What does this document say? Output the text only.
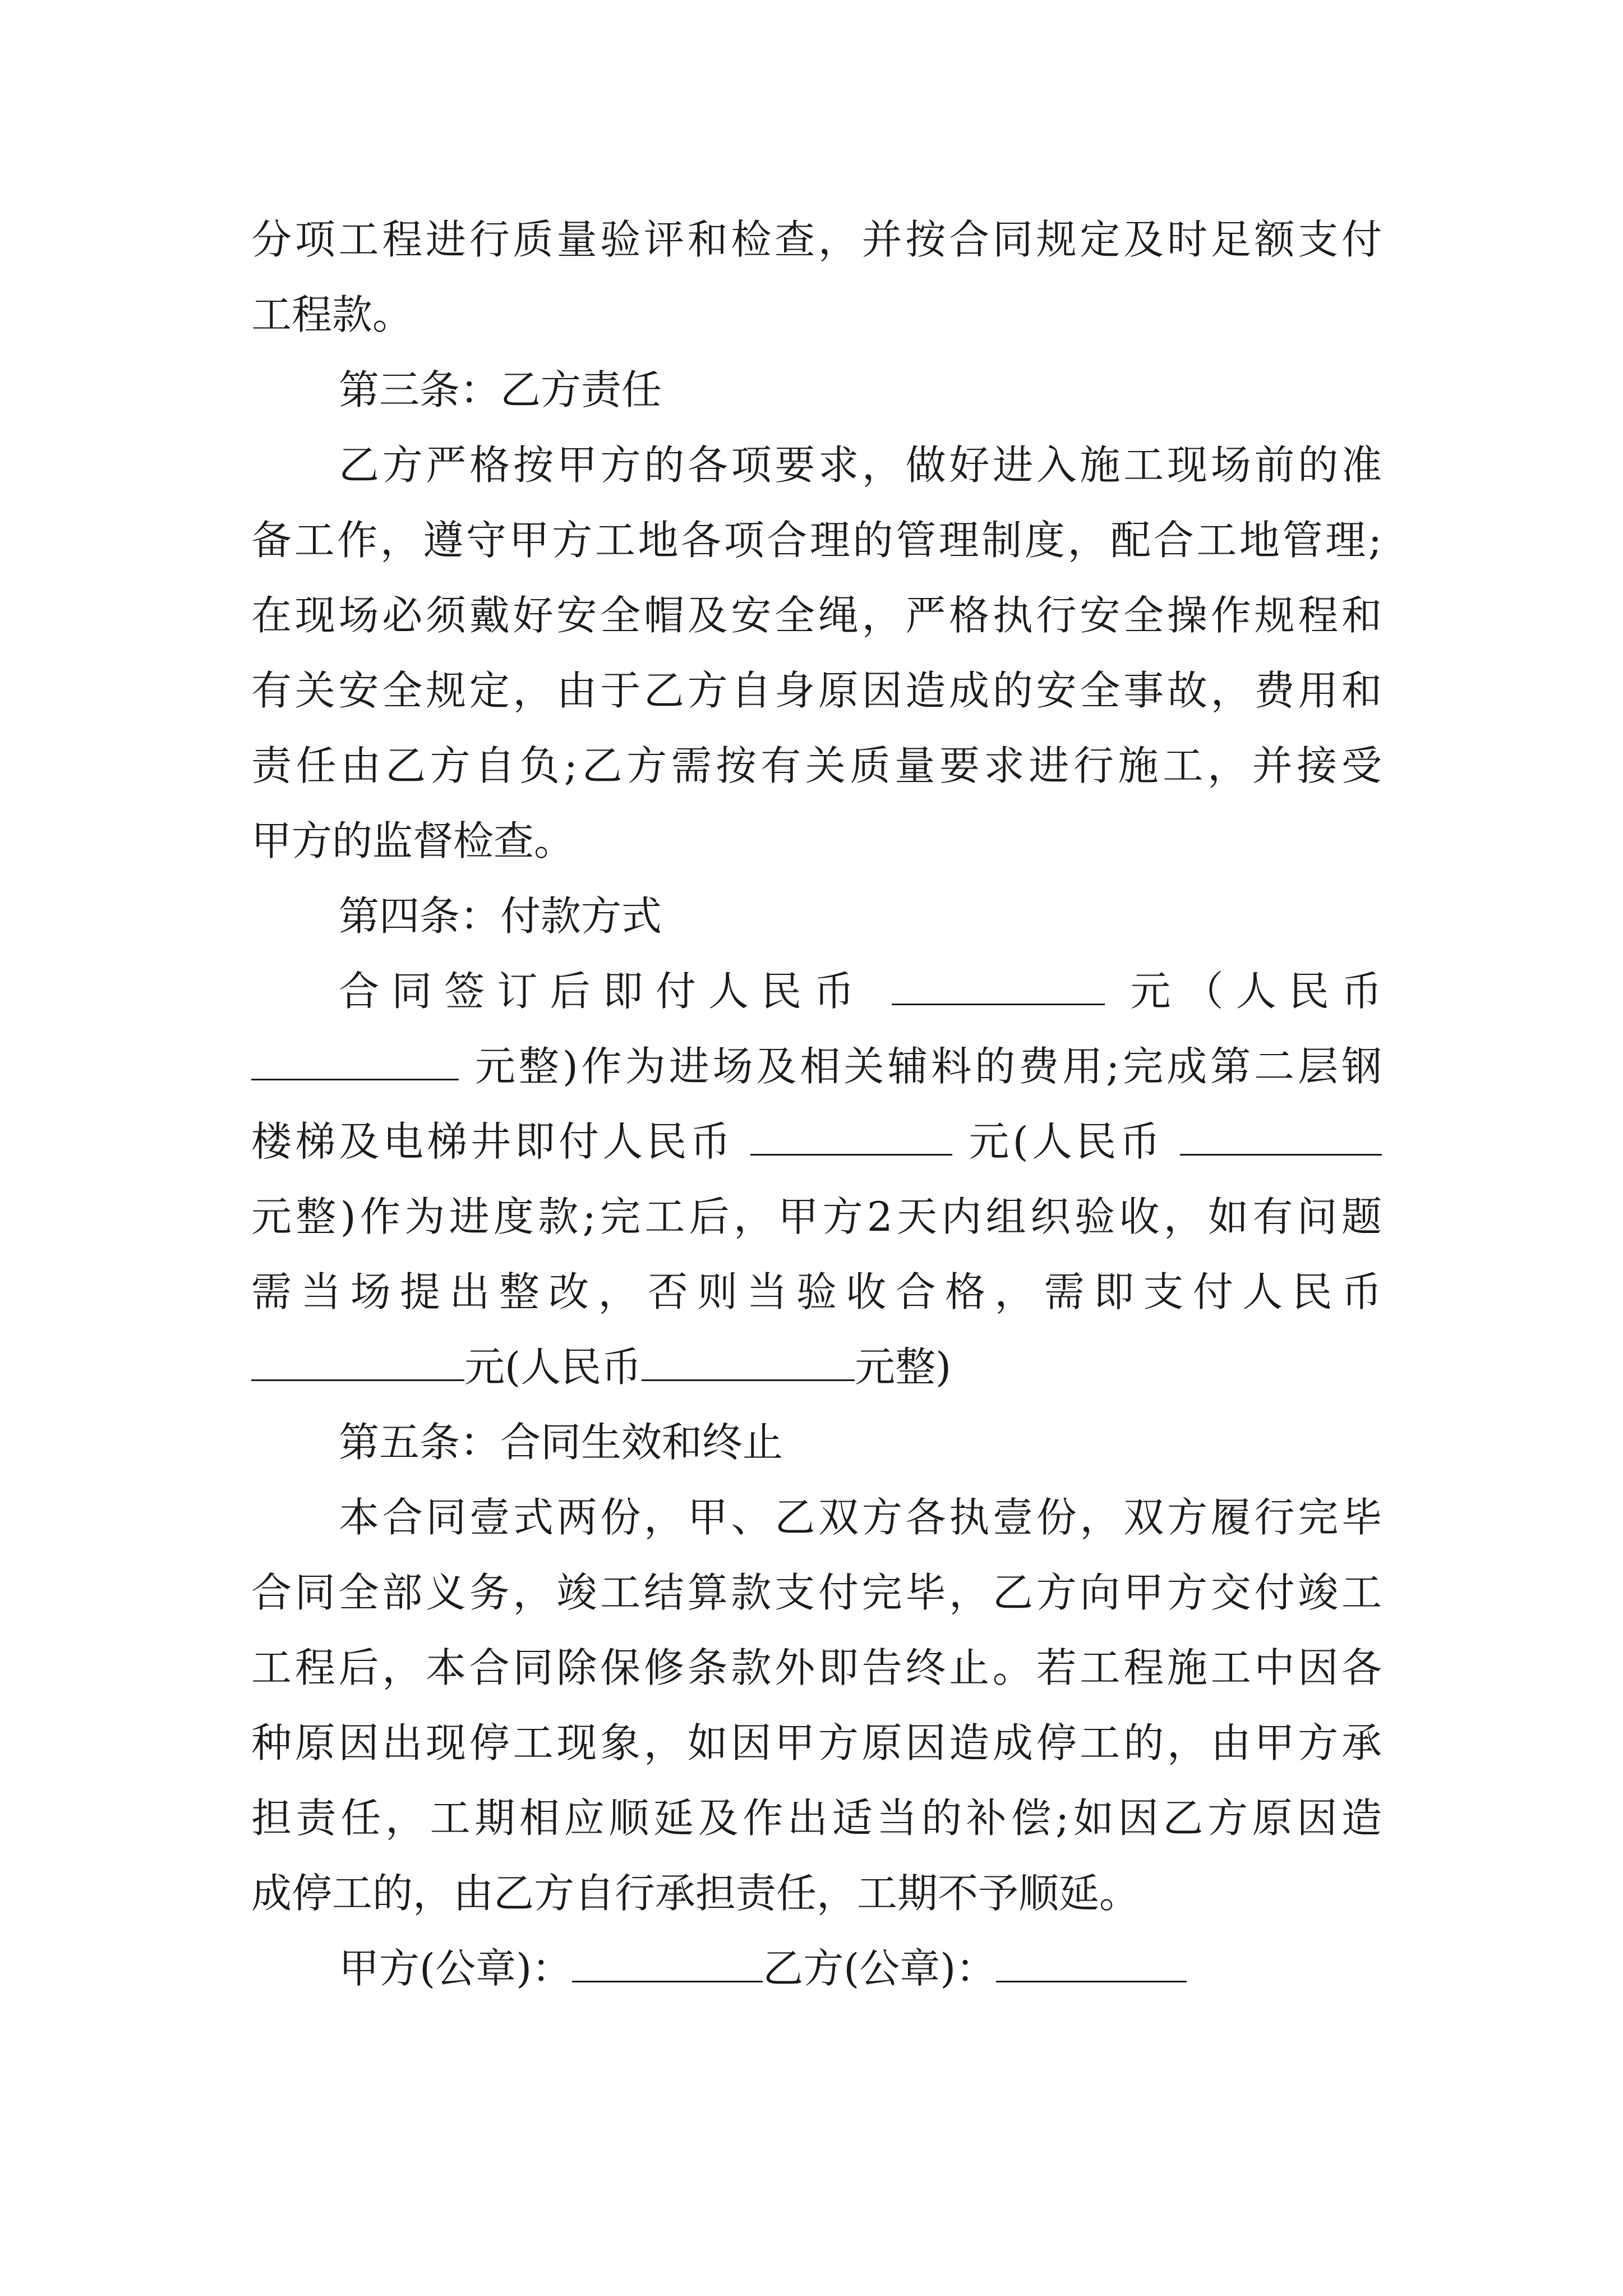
分项工程进行质量验评和检查，并按合同规定及时足额支付
工程款。
第三条：乙方责任
乙方严格按甲方的各项要求，做好进入施工现场前的准
备工作，遵守甲方工地各项合理的管理制度，配合工地管理;
在现场必须戴好安全帽及安全绳，严格执行安全操作规程和
有关安全规定，由于乙方自身原因造成的安全事故，费用和
责任由乙方自负;乙方需按有关质量要求进行施工，并接受
甲方的监督检查。
第四条：付款方式
合同签订后即付人民币	元（人民币
元整)作为进场及相关辅料的费用;完成第二层钢
楼梯及电梯井即付人民币	元(人民币
元整)作为进度款;完工后，甲方2天内组织验收，如有问题
需当场提出整改，否则当验收合格，需即支付人民币
元(人民币	元整)
第五条：合同生效和终止
本合同壹式两份，甲、乙双方各执壹份，双方履行完毕
合同全部义务，竣工结算款支付完毕，乙方向甲方交付竣工
工程后，本合同除保修条款外即告终止。若工程施工中因各
种原因出现停工现象，如因甲方原因造成停工的，由甲方承
担责任，工期相应顺延及作出适当的补偿;如因乙方原因造
成停工的，由乙方自行承担责任，工期不予顺延。
甲方(公章)：	乙方(公章)：
